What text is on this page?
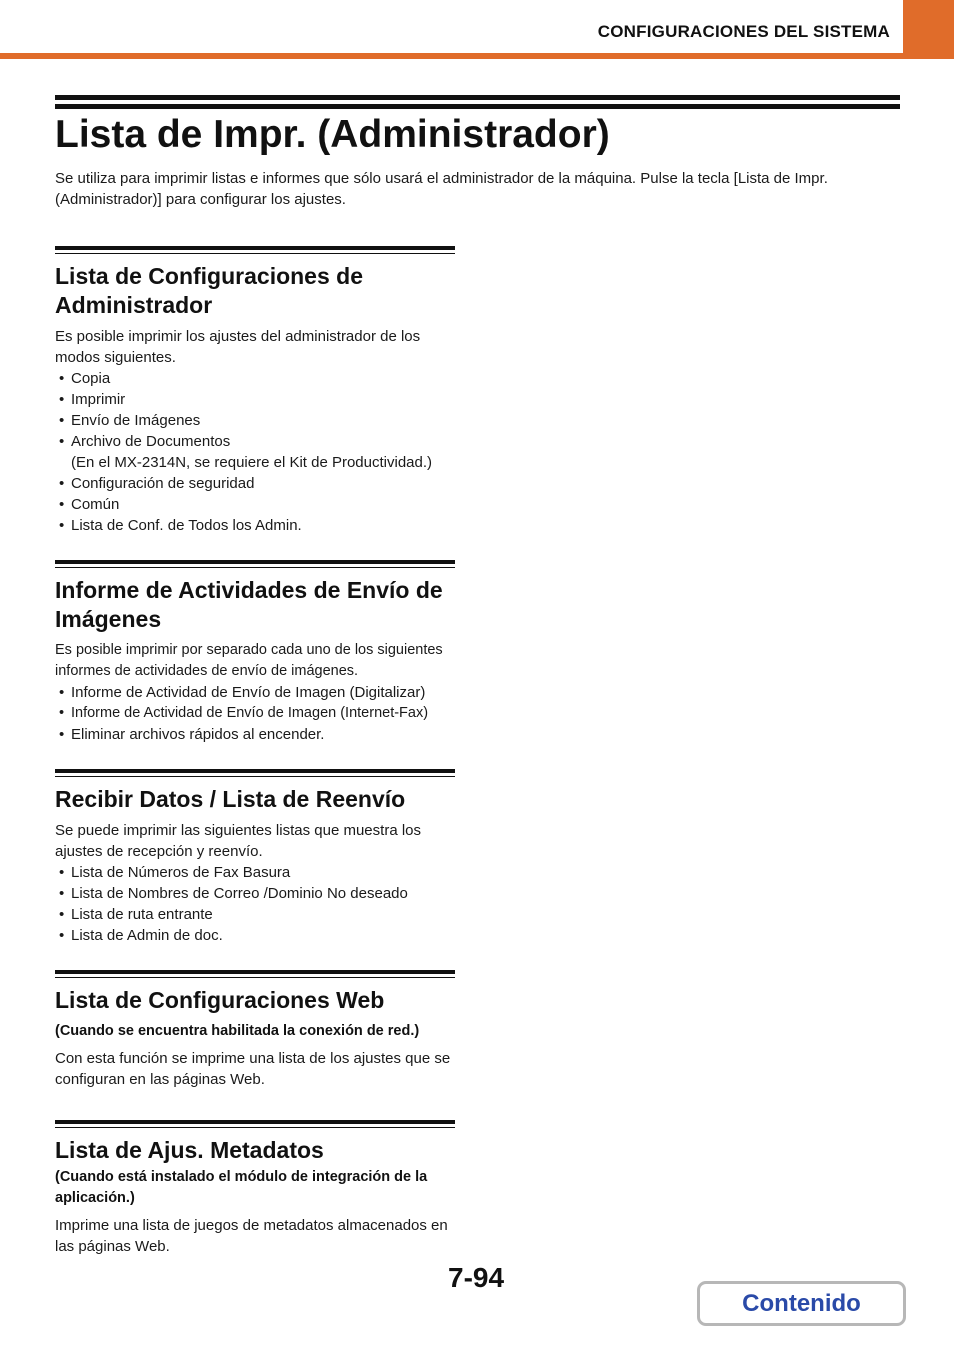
CONFIGURACIONES DEL SISTEMA
Lista de Impr. (Administrador)

Se utiliza para imprimir listas e informes que sólo usará el administrador de la máquina. Pulse la tecla [Lista de Impr. (Administrador)] para configurar los ajustes.

Lista de Configuraciones de Administrador

Es posible imprimir los ajustes del administrador de los modos siguientes.

• Copia
• Imprimir
• Envío de Imágenes
• Archivo de Documentos
(En el MX-2314N, se requiere el Kit de Productividad.)
• Configuración de seguridad
• Común
• Lista de Conf. de Todos los Admin.
Informe de Actividades de Envío de Imágenes

Es posible imprimir por separado cada uno de los siguientes informes de actividades de envío de imágenes.

• Informe de Actividad de Envío de Imagen (Digitalizar)
• Informe de Actividad de Envío de Imagen (Internet-Fax)
• Eliminar archivos rápidos al encender.
Recibir Datos / Lista de Reenvío

Se puede imprimir las siguientes listas que muestra los ajustes de recepción y reenvío.

• Lista de Números de Fax Basura
• Lista de Nombres de Correo /Dominio No deseado
• Lista de ruta entrante
• Lista de Admin de doc.
Lista de Configuraciones Web
(Cuando se encuentra habilitada la conexión de red.)

Con esta función se imprime una lista de los ajustes que se configuran en las páginas Web.

Lista de Ajus. Metadatos
(Cuando está instalado el módulo de integración de la aplicación.)

Imprime una lista de juegos de metadatos almacenados en las páginas Web.

7-94
Contenido
